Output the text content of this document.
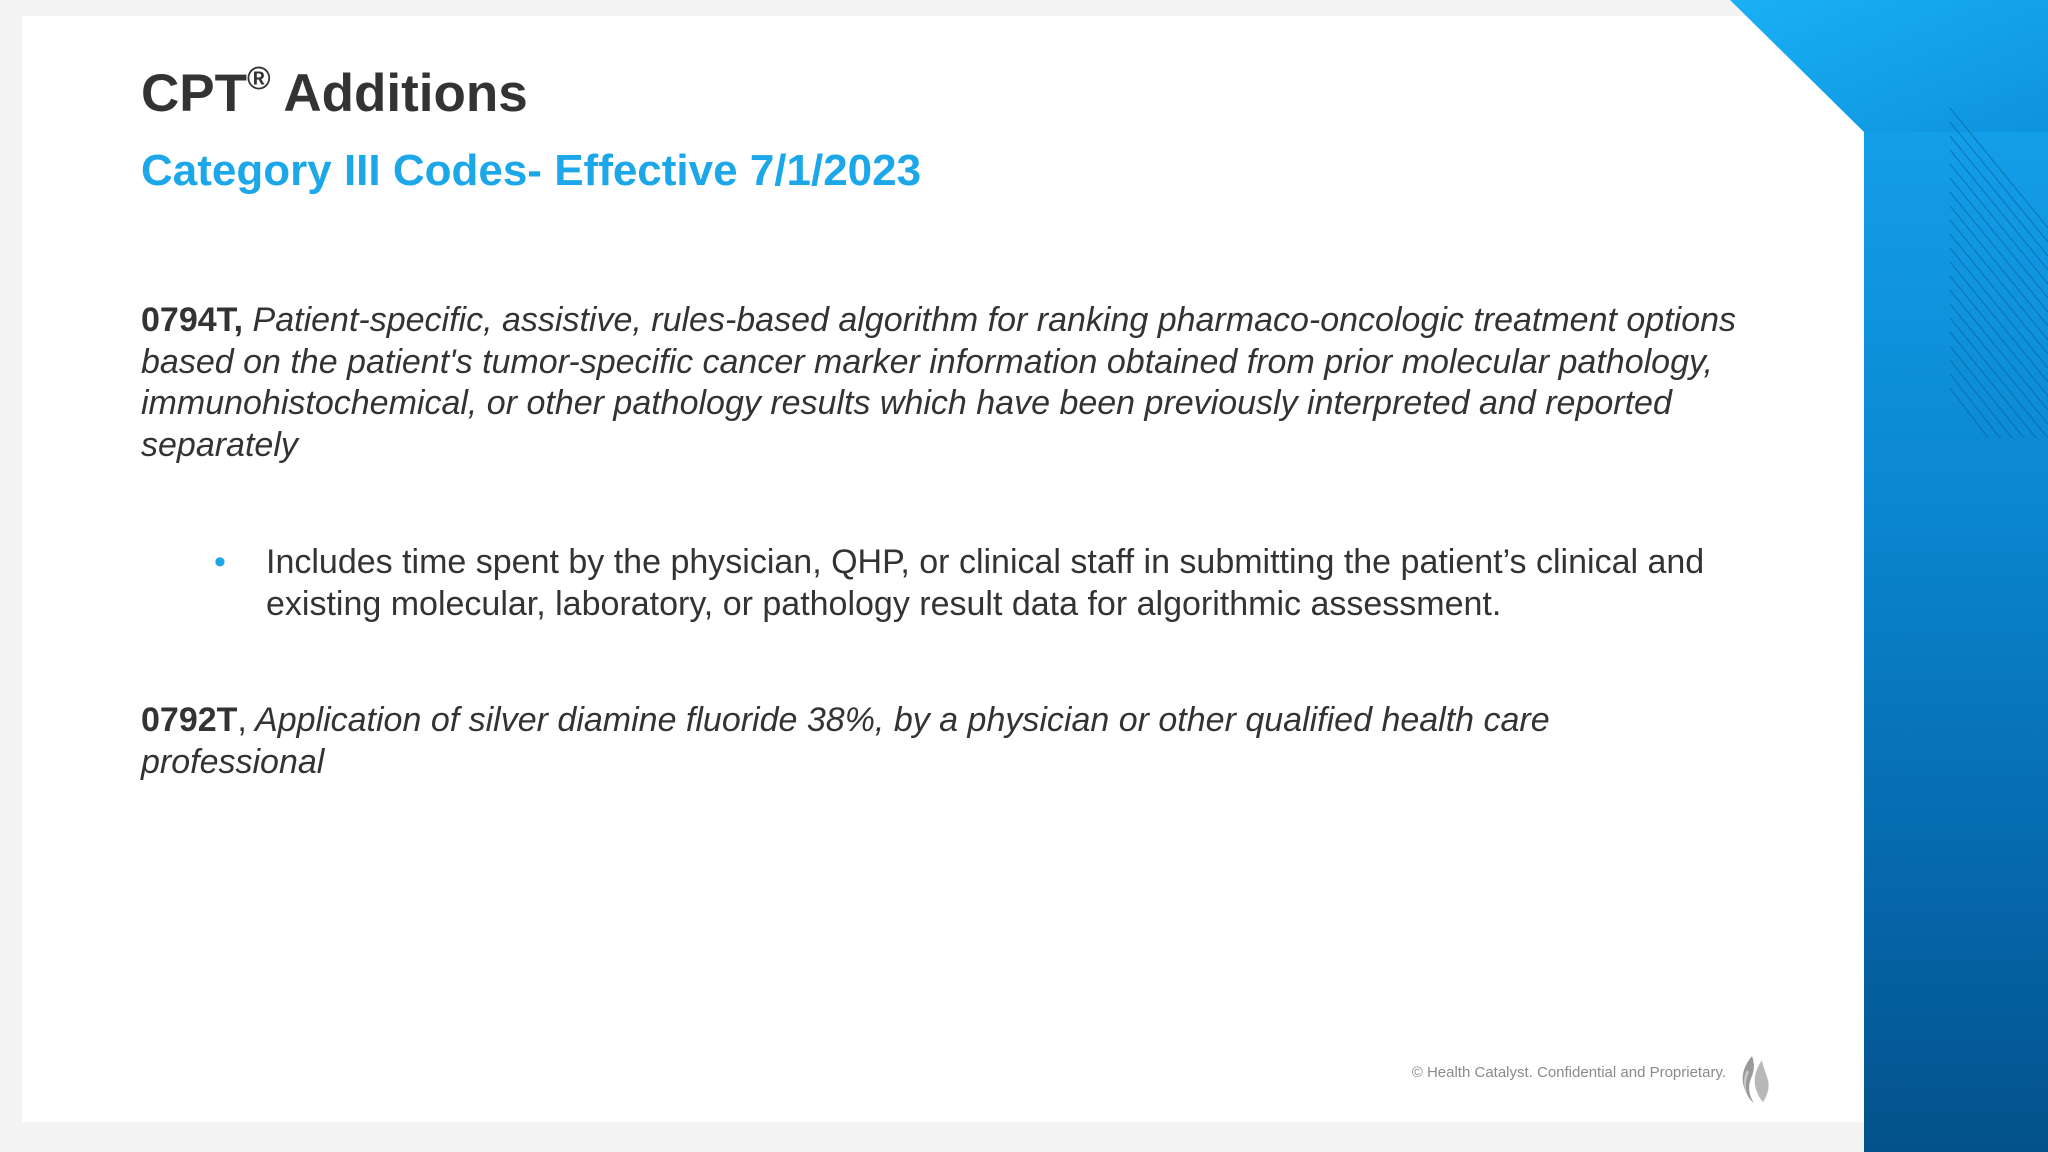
CPT® Additions
Category III Codes- Effective 7/1/2023

0794T, Patient-specific, assistive, rules-based algorithm for ranking pharmaco-oncologic treatment options based on the patient's tumor-specific cancer marker information obtained from prior molecular pathology, immunohistochemical, or other pathology results which have been previously interpreted and reported separately

•	Includes time spent by the physician, QHP, or clinical staff in submitting the patient’s clinical and existing molecular, laboratory, or pathology result data for algorithmic assessment.

0792T, Application of silver diamine fluoride 38%, by a physician or other qualified health care professional

© Health Catalyst. Confidential and Proprietary.
